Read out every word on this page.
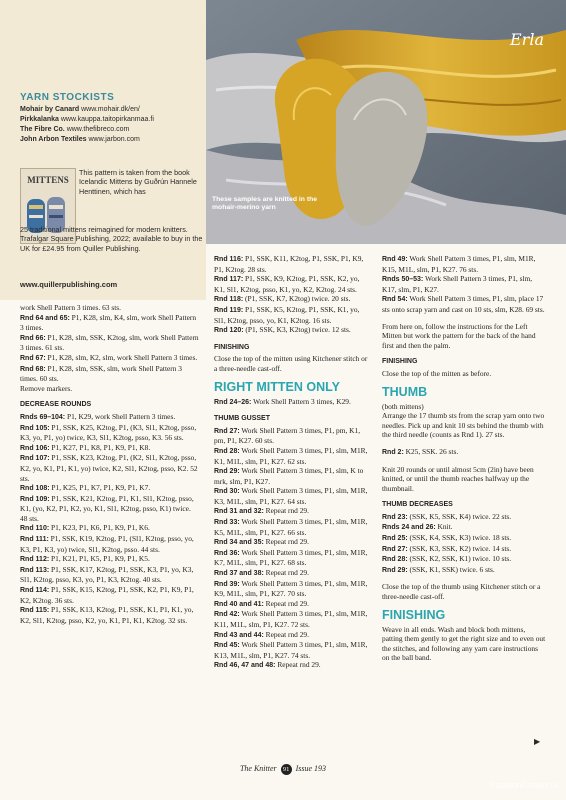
YARN STOCKISTS
Mohair by Canard www.mohair.dk/en/
Pirkkalanka www.kauppa.taitopirkanmaa.fi
The Fibre Co. www.thefibreco.com
John Arbon Textiles www.jarbon.com
MITTENS
This pattern is taken from the book Icelandic Mittens by Guðrún Hannele Henttinen, which has
25 traditional mittens reimagined for modern knitters. Trafalgar Square Publishing, 2022; available to buy in the UK for £24.95 from Quiller Publishing.
www.quillerpublishing.com
Erla
These samples are knitted in the mohair-merino yarn

work Shell Pattern 3 times. 63 sts.

Rnd 64 and 65: P1, K28, slm, K4, slm, work Shell Pattern 3 times.

Rnd 66: P1, K28, slm, SSK, K2tog, slm, work Shell Pattern 3 times. 61 sts.

Rnd 67: P1, K28, slm, K2, slm, work Shell Pattern 3 times.

Rnd 68: P1, K28, slm, SSK, slm, work Shell Pattern 3 times. 60 sts.

Remove markers.

DECREASE ROUNDS

Rnds 69–104: P1, K29, work Shell Pattern 3 times.

Rnd 105: P1, SSK, K25, K2tog, P1, (K3, Sl1, K2tog, psso, K3, yo, P1, yo) twice, K3, Sl1, K2tog, psso, K3. 56 sts.

Rnd 106: P1, K27, P1, K8, P1, K9, P1, K8.

Rnd 107: P1, SSK, K23, K2tog, P1, (K2, Sl1, K2tog, psso, K2, yo, K1, P1, K1, yo) twice, K2, Sl1, K2tog, psso, K2. 52 sts.

Rnd 108: P1, K25, P1, K7, P1, K9, P1, K7.

Rnd 109: P1, SSK, K21, K2tog, P1, K1, Sl1, K2tog, psso, K1, (yo, K2, P1, K2, yo, K1, Sl1, K2tog, psso, K1) twice. 48 sts.

Rnd 110: P1, K23, P1, K6, P1, K9, P1, K6.

Rnd 111: P1, SSK, K19, K2tog, P1, (Sl1, K2tog, psso, yo, K3, P1, K3, yo) twice, Sl1, K2tog, psso. 44 sts.

Rnd 112: P1, K21, P1, K5, P1, K9, P1, K5.

Rnd 113: P1, SSK, K17, K2tog, P1, SSK, K3, P1, yo, K3, Sl1, K2tog, psso, K3, yo, P1, K3, K2tog. 40 sts.

Rnd 114: P1, SSK, K15, K2tog, P1, SSK, K2, P1, K9, P1, K2, K2tog. 36 sts.

Rnd 115: P1, SSK, K13, K2tog, P1, SSK, K1, P1, K1, yo, K2, Sl1, K2tog, psso, K2, yo, K1, P1, K1, K2tog. 32 sts.

Rnd 116: P1, SSK, K11, K2tog, P1, SSK, P1, K9, P1, K2tog. 28 sts.

Rnd 117: P1, SSK, K9, K2tog, P1, SSK, K2, yo, K1, Sl1, K2tog, psso, K1, yo, K2, K2tog. 24 sts.

Rnd 118: (P1, SSK, K7, K2tog) twice. 20 sts.

Rnd 119: P1, SSK, K5, K2tog, P1, SSK, K1, yo, Sl1, K2tog, psso, yo, K1, K2tog. 16 sts.

Rnd 120: (P1, SSK, K3, K2tog) twice. 12 sts.

FINISHING

Close the top of the mitten using Kitchener stitch or a three-needle cast-off.

RIGHT MITTEN ONLY

Rnd 24–26: Work Shell Pattern 3 times, K29.

THUMB GUSSET

Rnd 27: Work Shell Pattern 3 times, P1, pm, K1, pm, P1, K27. 60 sts.

Rnd 28: Work Shell Pattern 3 times, P1, slm, M1R, K1, M1L, slm, P1, K27. 62 sts.

Rnd 29: Work Shell Pattern 3 times, P1, slm, K to mrk, slm, P1, K27.

Rnd 30: Work Shell Pattern 3 times, P1, slm, M1R, K3, M1L, slm, P1, K27. 64 sts.

Rnd 31 and 32: Repeat rnd 29.

Rnd 33: Work Shell Pattern 3 times, P1, slm, M1R, K5, M1L, slm, P1, K27. 66 sts.

Rnd 34 and 35: Repeat rnd 29.

Rnd 36: Work Shell Pattern 3 times, P1, slm, M1R, K7, M1L, slm, P1, K27. 68 sts.

Rnd 37 and 38: Repeat rnd 29.

Rnd 39: Work Shell Pattern 3 times, P1, slm, M1R, K9, M1L, slm, P1, K27. 70 sts.

Rnd 40 and 41: Repeat rnd 29.

Rnd 42: Work Shell Pattern 3 times, P1, slm, M1R, K11, M1L, slm, P1, K27. 72 sts.

Rnd 43 and 44: Repeat rnd 29.

Rnd 45: Work Shell Pattern 3 times, P1, slm, M1R, K13, M1L, slm, P1, K27. 74 sts.

Rnd 46, 47 and 48: Repeat rnd 29.

Rnd 49: Work Shell Pattern 3 times, P1, slm, M1R, K15, M1L, slm, P1, K27. 76 sts.

Rnds 50–53: Work Shell Pattern 3 times, P1, slm, K17, slm, P1, K27.

Rnd 54: Work Shell Pattern 3 times, P1, slm, place 17 sts onto scrap yarn and cast on 10 sts, slm, K28. 69 sts.

From here on, follow the instructions for the Left Mitten but work the pattern for the back of the hand first and then the palm.

FINISHING

Close the top of the mitten as before.

THUMB

(both mittens)

Arrange the 17 thumb sts from the scrap yarn onto two needles. Pick up and knit 10 sts behind the thumb with the third needle (counts as Rnd 1). 27 sts.

Rnd 2: K25, SSK. 26 sts.

Knit 20 rounds or until almost 5cm (2in) have been knitted, or until the thumb reaches halfway up the thumbnail.

THUMB DECREASES

Rnd 23: (SSK, K5, SSK, K4) twice. 22 sts.

Rnds 24 and 26: Knit.

Rnd 25: (SSK, K4, SSK, K3) twice. 18 sts.

Rnd 27: (SSK, K3, SSK, K2) twice. 14 sts.

Rnd 28: (SSK, K2, SSK, K1) twice. 10 sts.

Rnd 29: (SSK, K1, SSK) twice. 6 sts.

Close the top of the thumb using Kitchener stitch or a three-needle cast-off.

FINISHING

Weave in all ends. Wash and block both mittens, patting them gently to get the right size and to even out the stitches, and following any yarn care instructions on the ball band.

▶
The Knitter 91 Issue 193
PassionForum.ru
